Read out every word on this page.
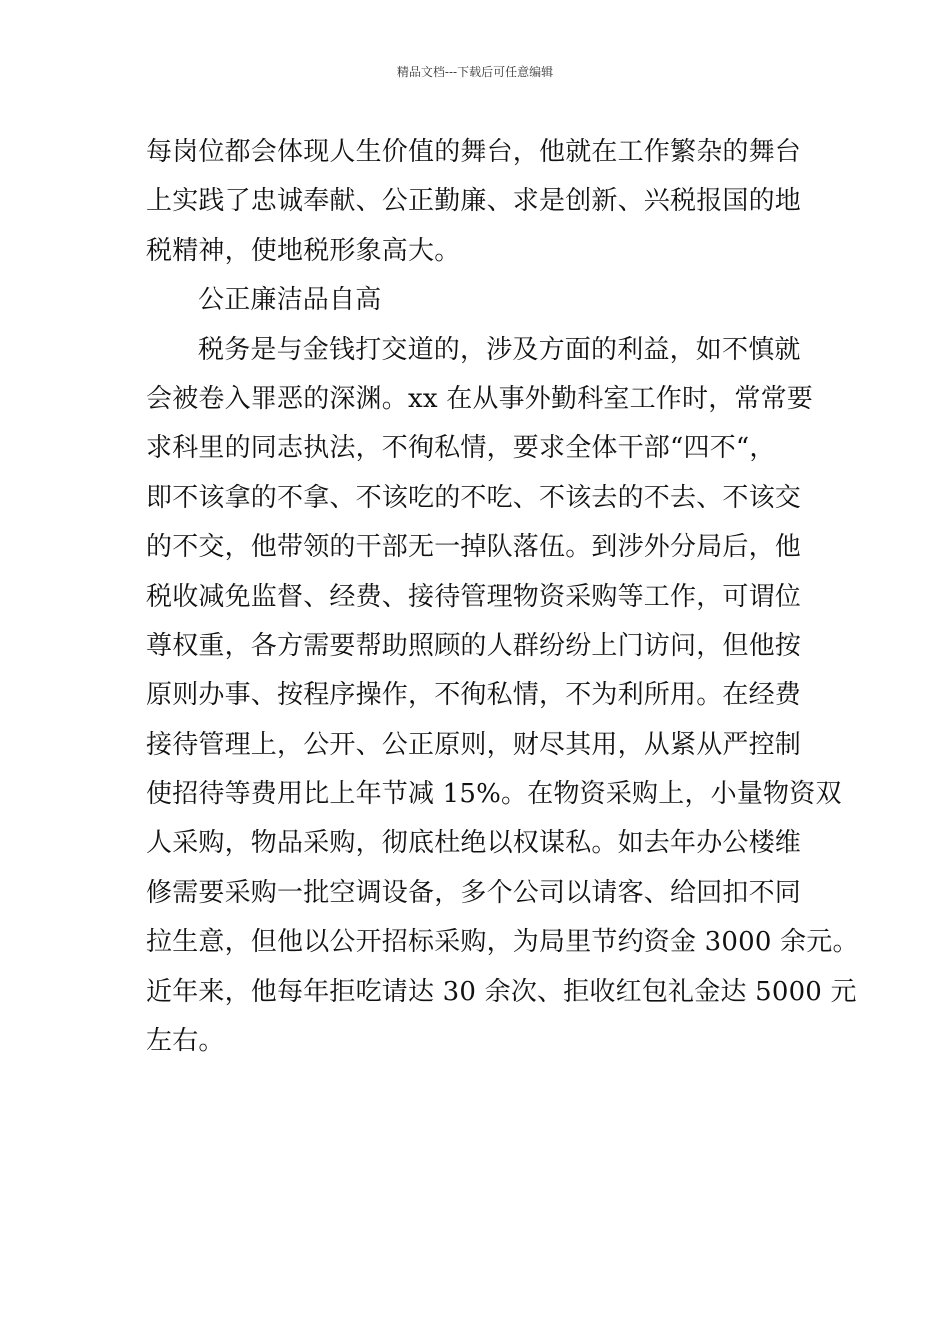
精品文档---下载后可任意编辑
每岗位都会体现人生价值的舞台，他就在工作繁杂的舞台
上实践了忠诚奉献、公正勤廉、求是创新、兴税报国的地
税精神，使地税形象高大。
公正廉洁品自高
税务是与金钱打交道的，涉及方面的利益，如不慎就
会被卷入罪恶的深渊。xx 在从事外勤科室工作时，常常要
求科里的同志执法，不徇私情，要求全体干部“四不“，
即不该拿的不拿、不该吃的不吃、不该去的不去、不该交
的不交，他带领的干部无一掉队落伍。到涉外分局后，他
税收减免监督、经费、接待管理物资采购等工作，可谓位
尊权重，各方需要帮助照顾的人群纷纷上门访问，但他按
原则办事、按程序操作，不徇私情，不为利所用。在经费
接待管理上，公开、公正原则，财尽其用，从紧从严控制
使招待等费用比上年节减 15%。在物资采购上，小量物资双
人采购，物品采购，彻底杜绝以权谋私。如去年办公楼维
修需要采购一批空调设备，多个公司以请客、给回扣不同
拉生意，但他以公开招标采购，为局里节约资金 3000 余元。
近年来，他每年拒吃请达 30 余次、拒收红包礼金达 5000 元
左右。
